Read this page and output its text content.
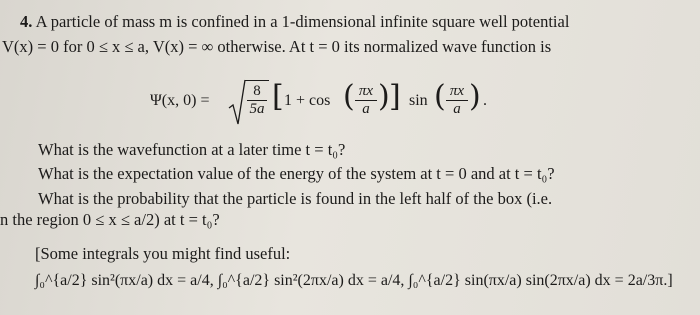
4. A particle of mass m is confined in a 1-dimensional infinite square well potential
V(x) = 0 for 0 ≤ x ≤ a, V(x) = ∞ otherwise. At t = 0 its normalized wave function is
Ψ(x, 0) =
8
5a [ 1 + cos ( πx
a ) ] sin ( πx
a ) .
What is the wavefunction at a later time t = t₀?
What is the expectation value of the energy of the system at t = 0 and at t = t₀?
What is the probability that the particle is found in the left half of the box (i.e.
n the region 0 ≤ x ≤ a/2) at t = t₀?
[Some integrals you might find useful:
∫₀^{a/2} sin²(πx/a) dx = a/4, ∫₀^{a/2} sin²(2πx/a) dx = a/4, ∫₀^{a/2} sin(πx/a) sin(2πx/a) dx = 2a/3π.]
